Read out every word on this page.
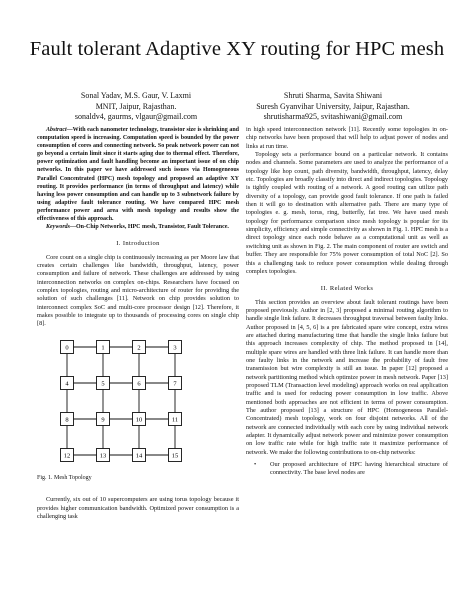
Fault tolerant Adaptive XY routing for HPC mesh
Sonal Yadav, M.S. Gaur, V. Laxmi
MNIT, Jaipur, Rajasthan.
sonaldv4, gaurms, vlgaur@gmail.com
Shruti Sharma, Savita Shiwani
Suresh Gyanvihar University, Jaipur, Rajasthan.
shrutisharma925, svitashiwani@gmail.com

Abstract—With each nanometer technology, transistor size is shrinking and computation speed is increasing. Computation speed is bounded by the power consumption of cores and connecting network. So peak network power can not go beyond a certain limit since it starts aging due to thermal effect. Therefore, power optimization and fault handling become an important issue of on chip networks. In this paper we have addressed such issues via Homogeneous Parallel Concentrated (HPC) mesh topology and proposed an adaptive XY routing. It provides performance (in terms of throughput and latency) while having less power consumption and can handle up to 3 subnetwork failure by using adaptive fault tolerance routing. We have compared HPC mesh performance power and area with mesh topology and results show the effectiveness of this approach.

Keywords—On-Chip Networks, HPC mesh, Transistor, Fault Tolerance.

I. Introduction

Core count on a single chip is continuously increasing as per Moore law that creates certain challenges like bandwidth, throughput, latency, power consumption and failure of network. These challenges are addressed by using interconnection networks on complex on-chips. Researchers have focused on complex topologies, routing and micro-architecture of router for providing the solution of such challenges [11]. Network on chip provides solution to interconnect complex SoC and multi-core processor design [12]. Therefore, it makes possible to integrate up to thousands of processing cores on single chip [8].

0	1	2	3
4	5	6	7
8	9	10	11
12	13	14	15
Fig. 1. Mesh Topology

Currently, six out of 10 supercomputers are using torus topology because it provides higher communication bandwidth. Optimized power consumption is a challenging task

in high speed interconnection network [11]. Recently some topologies in on-chip networks have been proposed that will help to adjust power of nodes and links at run time.

Topology sets a performance bound on a particular network. It contains nodes and channels. Some parameters are used to analyze the performance of a topology like hop count, path diversity, bandwidth, throughput, latency, delay etc. Topologies are broadly classify into direct and indirect topologies. Topology is tightly coupled with routing of a network. A good routing can utilize path diversity of a topology, can provide good fault tolerance. If one path is failed then it will go to destination with alternative path. There are many type of topologies e. g. mesh, torus, ring, butterfly, fat tree. We have used mesh topology for performance comparison since mesh topology is popular for its simplicity, efficiency and simple connectivity as shown in Fig. 1. HPC mesh is a direct topology since each node behave as a computational unit as well as switching unit as shown in Fig. 2. The main component of router are switch and buffer. They are responsible for 75% power consumption of total NoC [2]. So this a challenging task to reduce power consumption while dealing through complex topologies.

II. Related Works

This section provides an overview about fault tolerant routings have been proposed previously. Author in [2, 3] proposed a minimal routing algorithm to handle single link failure. It decreases throughput traversal between faulty links. Author proposed in [4, 5, 6] is a pre fabricated spare wire concept, extra wires are attached during manufacturing time that handle the single links failure but this approach increases complexity of chip. The method proposed in [14], multiple spare wires are handled with three link failure. It can handle more than one faulty links in the network and increase the probability of fault free transmission but wire complexity is still an issue. In paper [12] proposed a network partitioning method which optimize power in mesh network. Paper [13] proposed TLM (Transaction level modeling) approach works on real application traffic and is used for reducing power consumption in low traffic. Above mentioned both approaches are not efficient in terms of power consumption. The author proposed [13] a structure of HPC (Homogeneous Parallel-Concentrated) mesh topology, work on four disjoint networks. All of the network are connected individually with each core by using individual network adapter. It dynamically adjust network power and minimize power consumption on low traffic rate while for high traffic rate it maximize performance of network. We make the following contributions to on-chip networks:

• Our proposed architecture of HPC having hierarchical structure of connectivity. The base level nodes are
